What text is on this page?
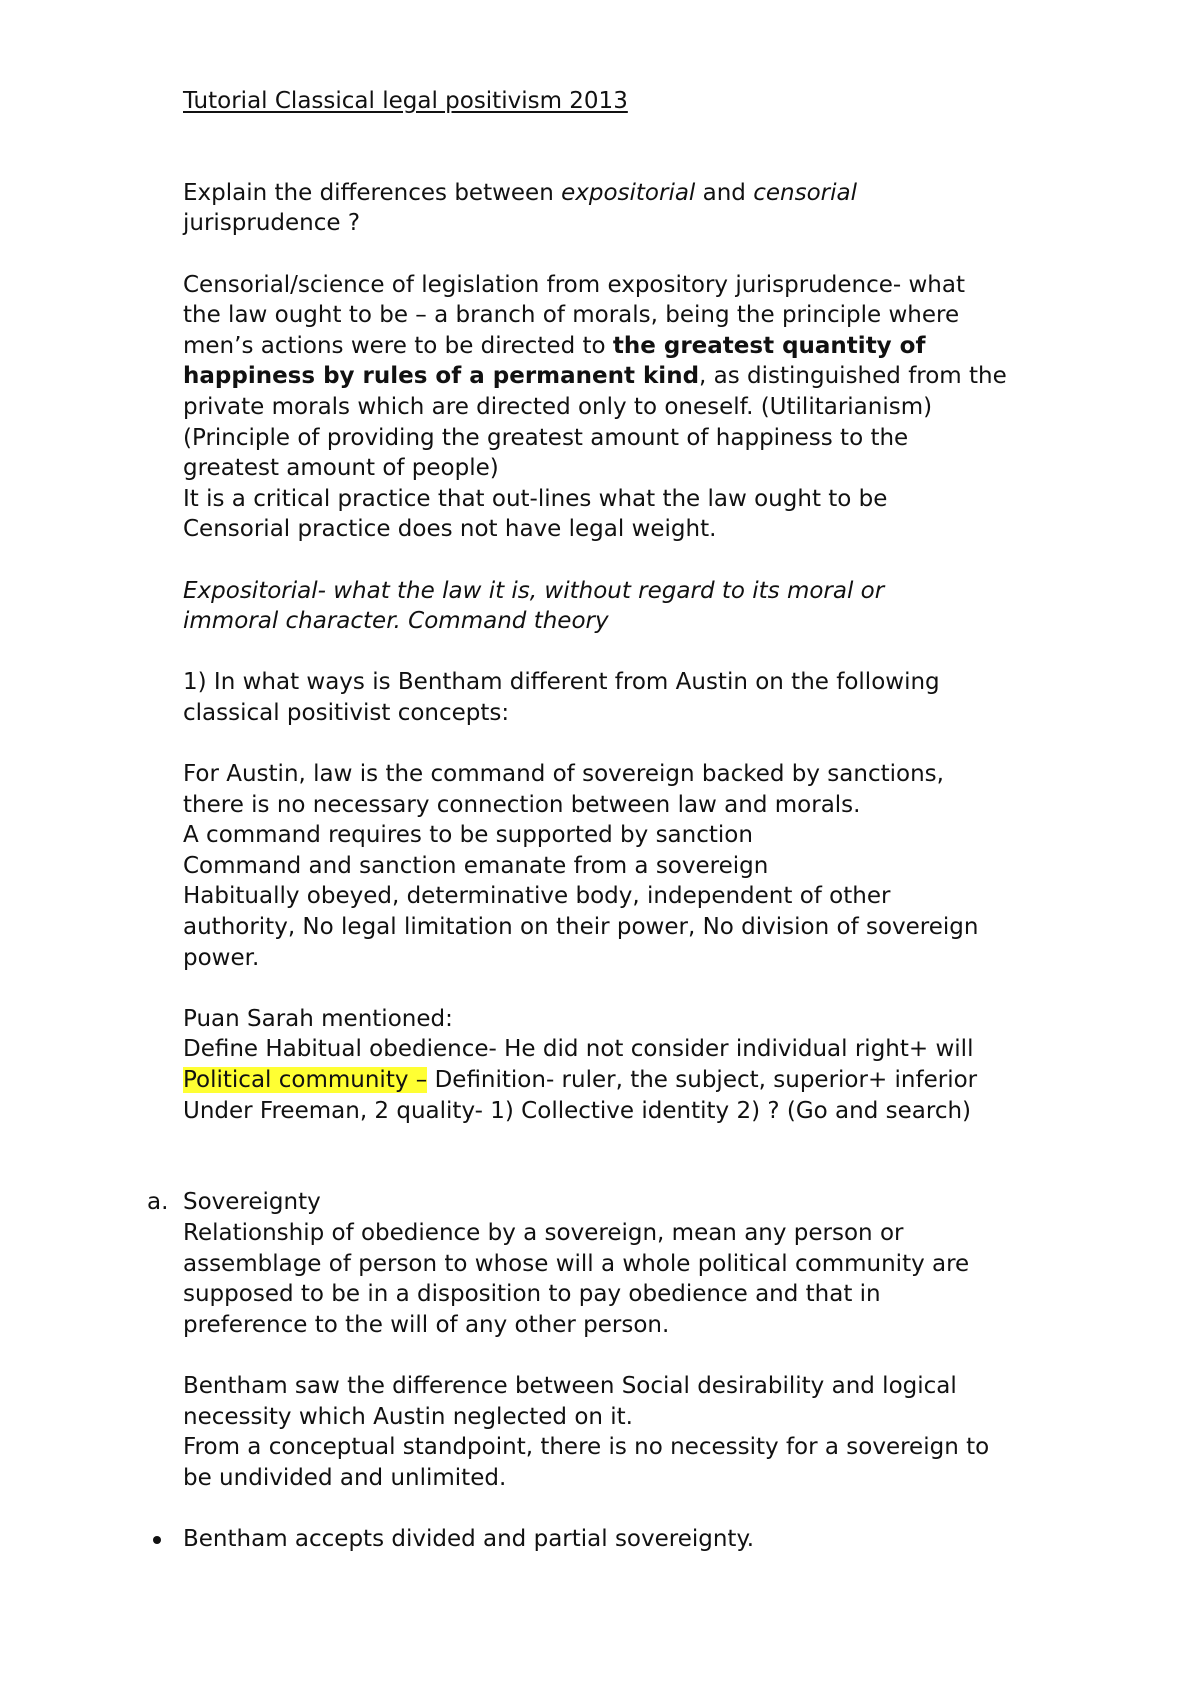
Tutorial Classical legal positivism 2013
Explain the differences between expositorial and censorial
jurisprudence ?
Censorial/science of legislation from expository jurisprudence- what
the law ought to be – a branch of morals, being the principle where
men’s actions were to be directed to the greatest quantity of
happiness by rules of a permanent kind, as distinguished from the
private morals which are directed only to oneself. (Utilitarianism)
(Principle of providing the greatest amount of happiness to the
greatest amount of people)
It is a critical practice that out-lines what the law ought to be
Censorial practice does not have legal weight.
Expositorial- what the law it is, without regard to its moral or
immoral character. Command theory
1) In what ways is Bentham different from Austin on the following
classical positivist concepts:
For Austin, law is the command of sovereign backed by sanctions,
there is no necessary connection between law and morals.
A command requires to be supported by sanction
Command and sanction emanate from a sovereign
Habitually obeyed, determinative body, independent of other
authority, No legal limitation on their power, No division of sovereign
power.
Puan Sarah mentioned:
Define Habitual obedience- He did not consider individual right+ will
Political community – Definition- ruler, the subject, superior+ inferior
Under Freeman, 2 quality- 1) Collective identity 2) ? (Go and search)
a. Sovereignty
Relationship of obedience by a sovereign, mean any person or
assemblage of person to whose will a whole political community are
supposed to be in a disposition to pay obedience and that in
preference to the will of any other person.
Bentham saw the difference between Social desirability and logical
necessity which Austin neglected on it.
From a conceptual standpoint, there is no necessity for a sovereign to
be undivided and unlimited.
Bentham accepts divided and partial sovereignty.
